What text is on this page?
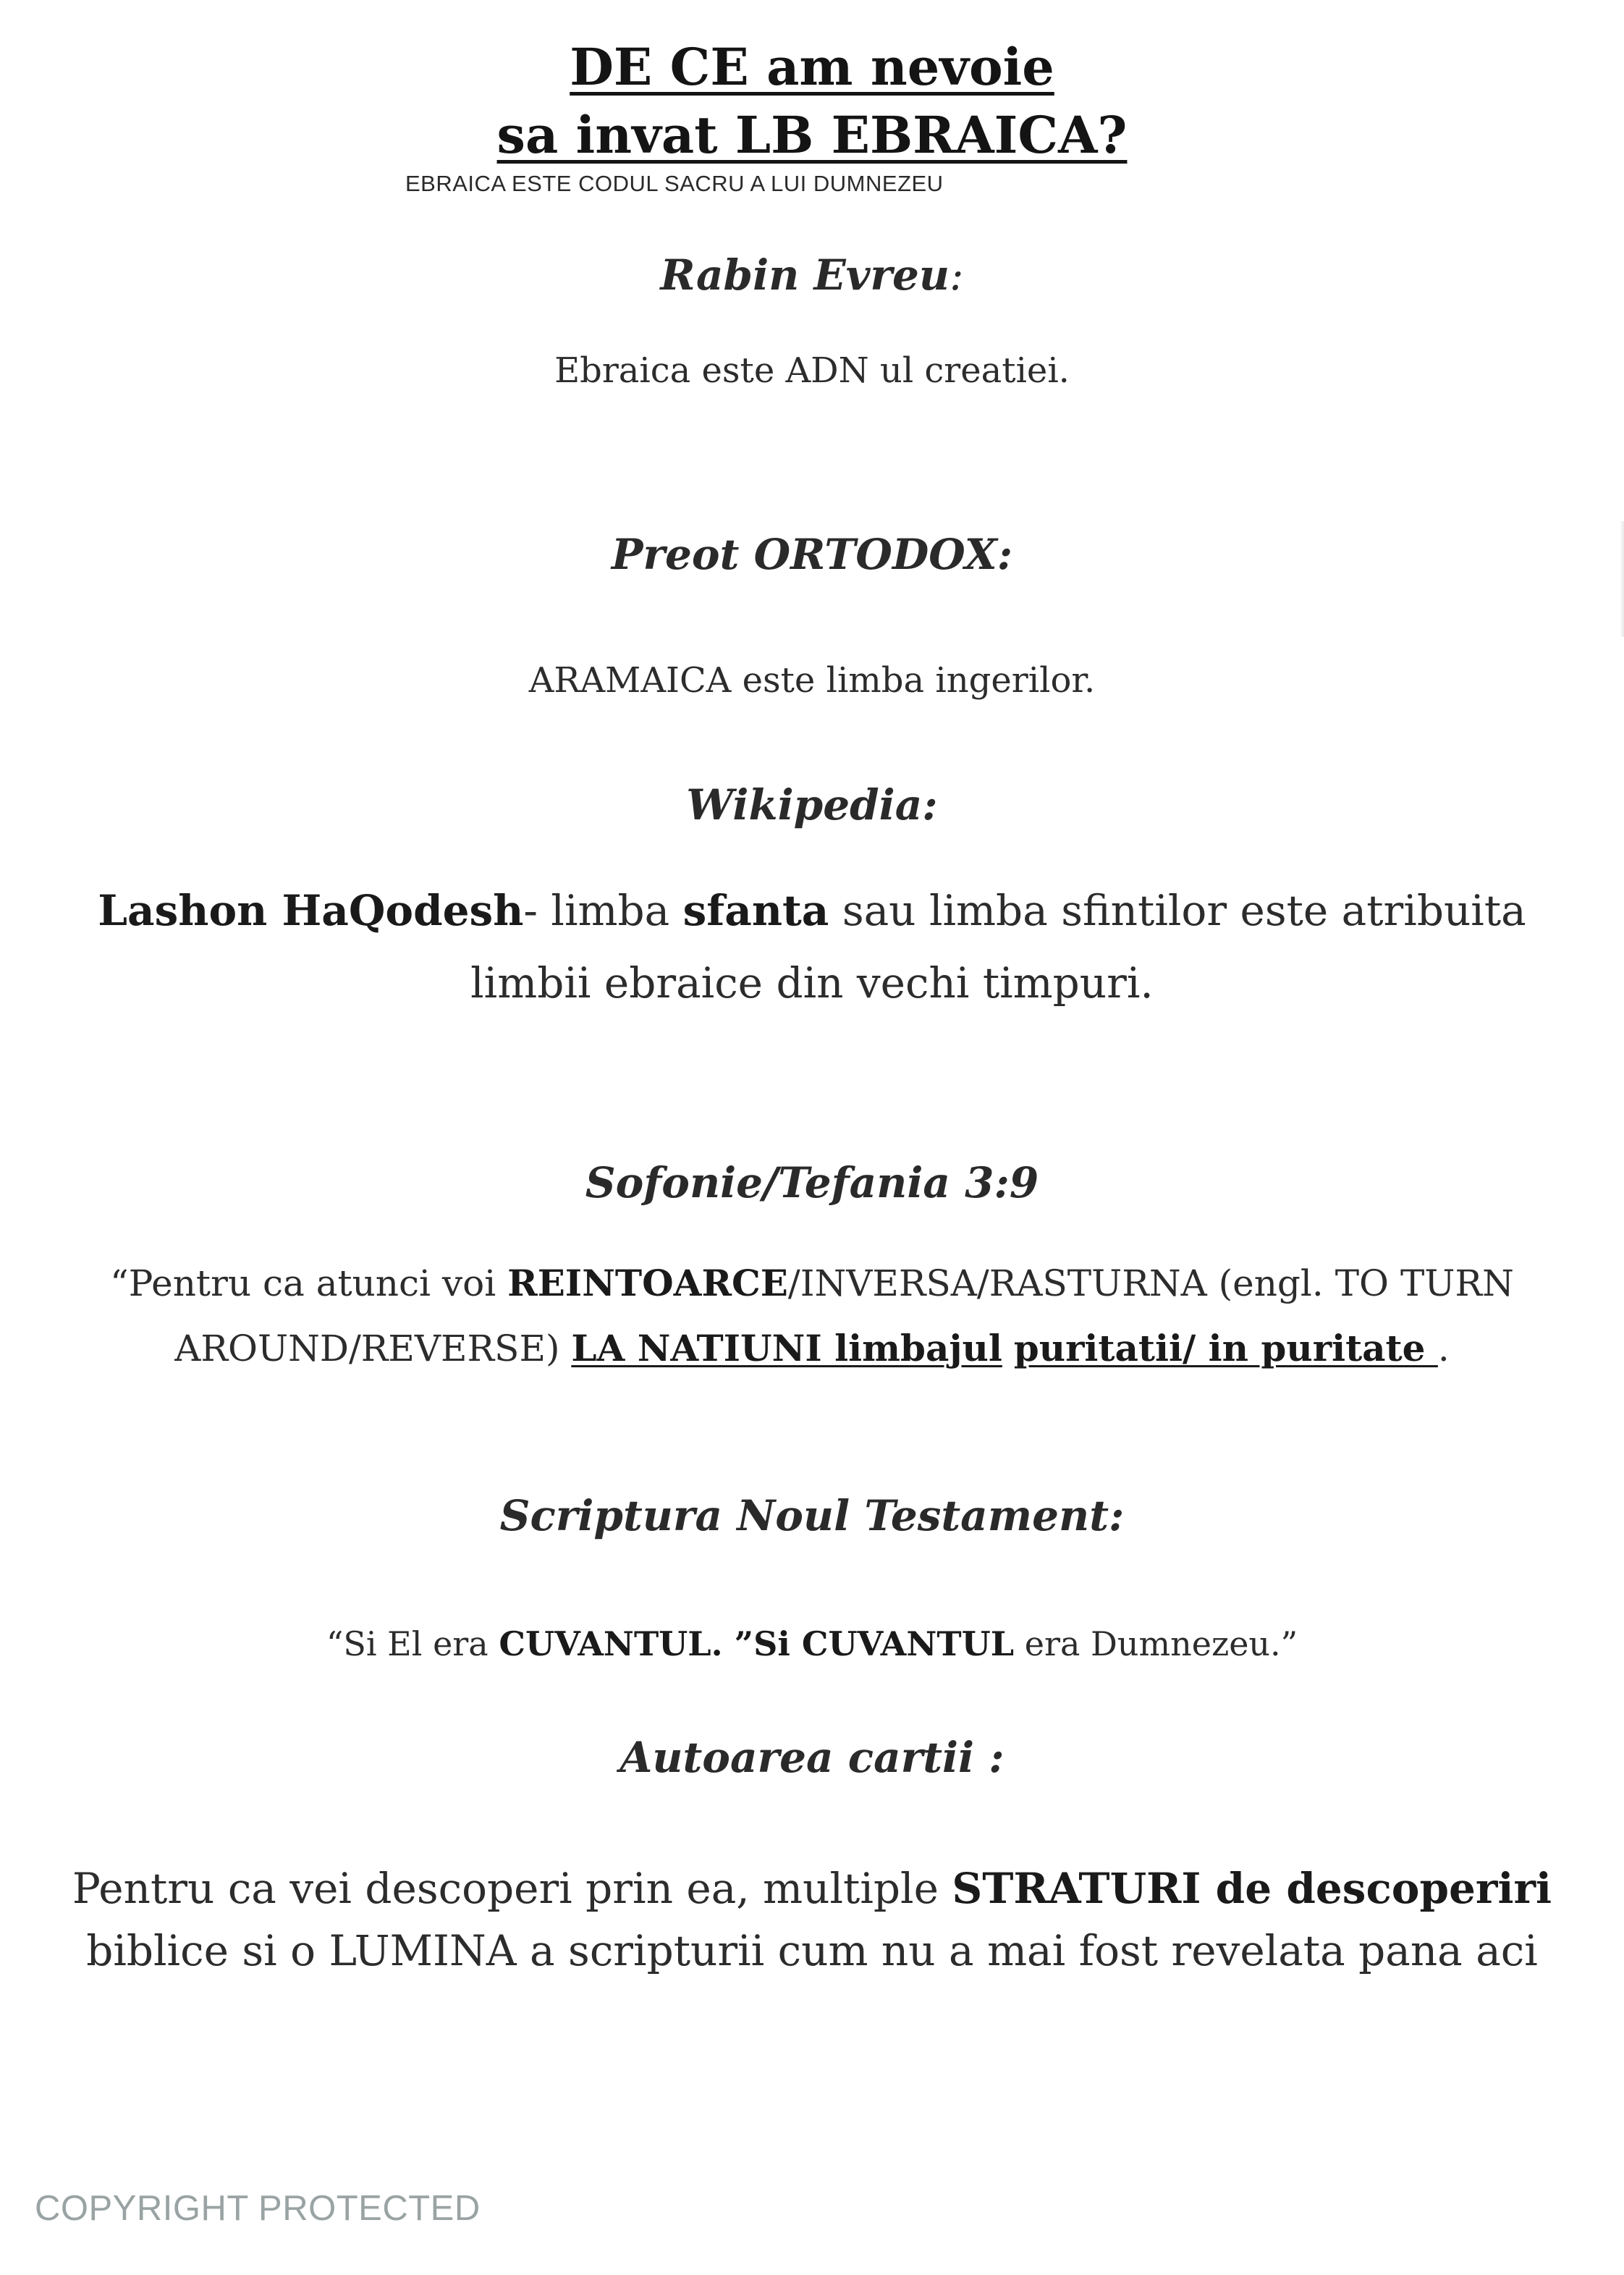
DE CE am nevoie
sa invat LB EBRAICA?
EBRAICA ESTE CODUL SACRU A LUI DUMNEZEU
Rabin Evreu:
Ebraica este ADN ul creatiei.
Preot ORTODOX:
ARAMAICA este limba ingerilor.
Wikipedia:
Lashon HaQodesh- limba sfanta sau limba sfintilor este atribuita
limbii ebraice din vechi timpuri.
Sofonie/Tefania 3:9
“Pentru ca atunci voi REINTOARCE/INVERSA/RASTURNA (engl. TO TURN
AROUND/REVERSE) LA NATIUNI limbajul puritatii/ in puritate .
Scriptura Noul Testament:
“Si El era CUVANTUL. ”Si CUVANTUL era Dumnezeu.”
Autoarea cartii :
Pentru ca vei descoperi prin ea, multiple STRATURI de descoperiri
biblice si o LUMINA a scripturii cum nu a mai fost revelata pana aci
COPYRIGHT PROTECTED
